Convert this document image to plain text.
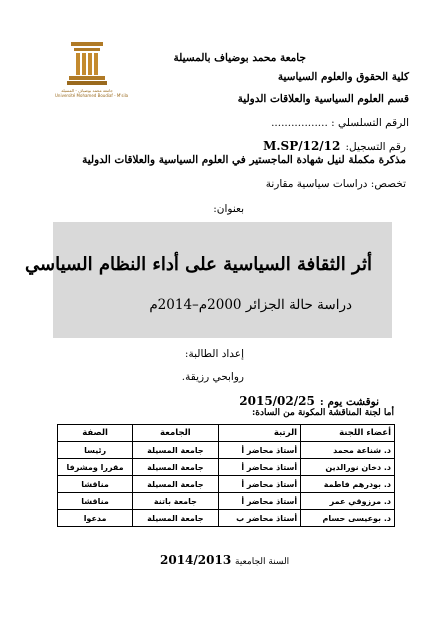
جامعة محمد بوضياف - المسيلة
Université Mohamed Boudiaf - M'sila
جامعة محمد بوضياف بالمسيلة
كلية الحقوق والعلوم السياسية
قسم العلوم السياسية والعلاقات الدولية
الرقم التسلسلي : .................
رقم التسجيل: M.SP/12/12
مذكرة مكملة لنيل شهادة الماجستير في العلوم السياسية والعلاقات الدولية
تخصص: دراسات سياسية مقارنة
بعنوان:
أثر الثقافة السياسية على أداء النظام السياسي
دراسة حالة الجزائر 2000م–2014م
إعداد الطالبة:
روابحي رزيقة.
نوقشت يوم : 2015/02/25
أما لجنة المناقشة المكونة من السادة:
أعضاء اللجنة	الرتبة	الجامعة	الصفة
د. شناعة محمد	أستاذ محاضر أ	جامعة المسيلة	رئيسا
د. دخان نورالدين	أستاذ محاضر أ	جامعة المسيلة	مقررا ومشرفا
د. بودرهم فاطمة	أستاذ محاضر أ	جامعة المسيلة	مناقشا
د. مرزوقي عمر	أستاذ محاضر أ	جامعة باتنة	مناقشا
د. بوعيسى حسام	أستاذ محاضر ب	جامعة المسيلة	مدعوا
السنة الجامعية 2014/2013
